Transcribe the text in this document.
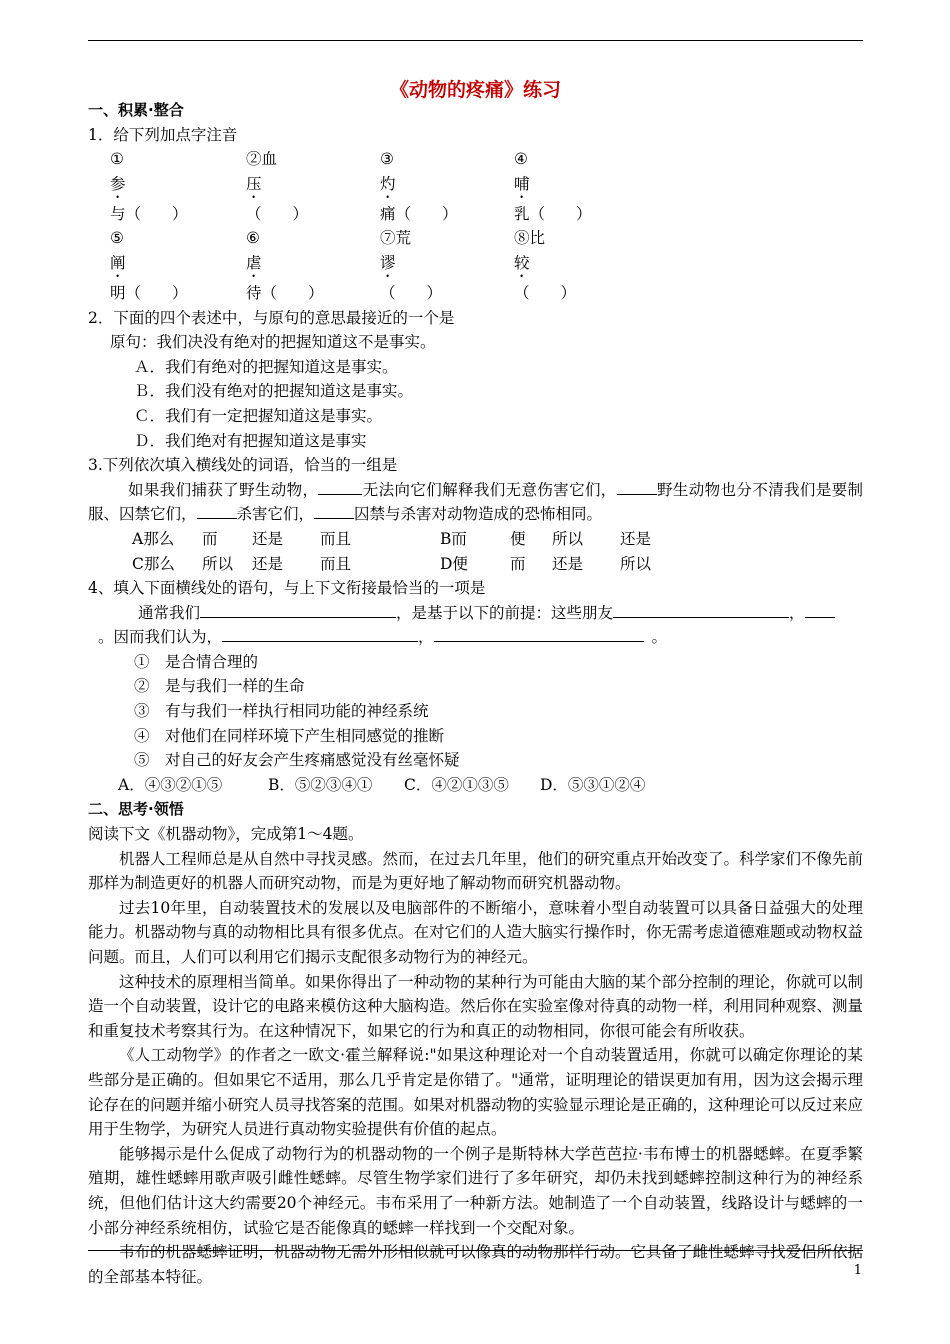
《动物的疼痛》练习
一、积累·整合
1．给下列加点字注音
①参与（　　）
②血压（　　）
③灼痛（　　）
④哺乳（　　）
⑤阐明（　　）
⑥虐待（　　）
⑦荒谬（　　）
⑧比较（　　）
2．下面的四个表述中，与原句的意思最接近的一个是
原句：我们决没有绝对的把握知道这不是事实。
Ａ．我们有绝对的把握知道这是事实。
Ｂ．我们没有绝对的把握知道这是事实。
Ｃ．我们有一定把握知道这是事实。
Ｄ．我们绝对有把握知道这是事实
3.下列依次填入横线处的词语，恰当的一组是
如果我们捕获了野生动物，	无法向它们解释我们无意伤害它们，	野生动物也分不清我们是要制服、囚禁它们，	杀害它们，	囚禁与杀害对动物造成的恐怖相同。
A那么 而 还是 而且	B而	便 所以 还是
C那么 所以 还是 而且	D便	而 还是 所以
4、填入下面横线处的语句，与上下文衔接最恰当的一项是
通常我们	，是基于以下的前提：这些朋友	，
。因而我们认为，	，	。
①　是合情合理的
②　是与我们一样的生命
③　有与我们一样执行相同功能的神经系统
④　对他们在同样环境下产生相同感觉的推断
⑤　对自己的好友会产生疼痛感觉没有丝毫怀疑
A．④③②①⑤	B．⑤②③④① C．④②①③⑤ D．⑤③①②④
二、思考·领悟
阅读下文《机器动物》，完成第1～4题。
机器人工程师总是从自然中寻找灵感。然而，在过去几年里，他们的研究重点开始改变了。科学家们不像先前那样为制造更好的机器人而研究动物，而是为更好地了解动物而研究机器动物。
过去10年里，自动装置技术的发展以及电脑部件的不断缩小，意味着小型自动装置可以具备日益强大的处理能力。机器动物与真的动物相比具有很多优点。在对它们的人造大脑实行操作时，你无需考虑道德难题或动物权益问题。而且，人们可以利用它们揭示支配很多动物行为的神经元。
这种技术的原理相当简单。如果你得出了一种动物的某种行为可能由大脑的某个部分控制的理论，你就可以制造一个自动装置，设计它的电路来模仿这种大脑构造。然后你在实验室像对待真的动物一样，利用同种观察、测量和重复技术考察其行为。在这种情况下，如果它的行为和真正的动物相同，你很可能会有所收获。
《人工动物学》的作者之一欧文·霍兰解释说:"如果这种理论对一个自动装置适用，你就可以确定你理论的某些部分是正确的。但如果它不适用，那么几乎肯定是你错了。"通常，证明理论的错误更加有用，因为这会揭示理论存在的问题并缩小研究人员寻找答案的范围。如果对机器动物的实验显示理论是正确的，这种理论可以反过来应用于生物学，为研究人员进行真动物实验提供有价值的起点。
能够揭示是什么促成了动物行为的机器动物的一个例子是斯特林大学芭芭拉·韦布博士的机器蟋蟀。在夏季繁殖期，雄性蟋蟀用歌声吸引雌性蟋蟀。尽管生物学家们进行了多年研究，却仍未找到蟋蟀控制这种行为的神经系统，但他们估计这大约需要20个神经元。韦布采用了一种新方法。她制造了一个自动装置，线路设计与蟋蟀的一小部分神经系统相仿，试验它是否能像真的蟋蟀一样找到一个交配对象。
韦布的机器蟋蟀证明，机器动物无需外形相似就可以像真的动物那样行动。它具备了雌性蟋蟀寻找爱侣所依据的全部基本特征。	1
